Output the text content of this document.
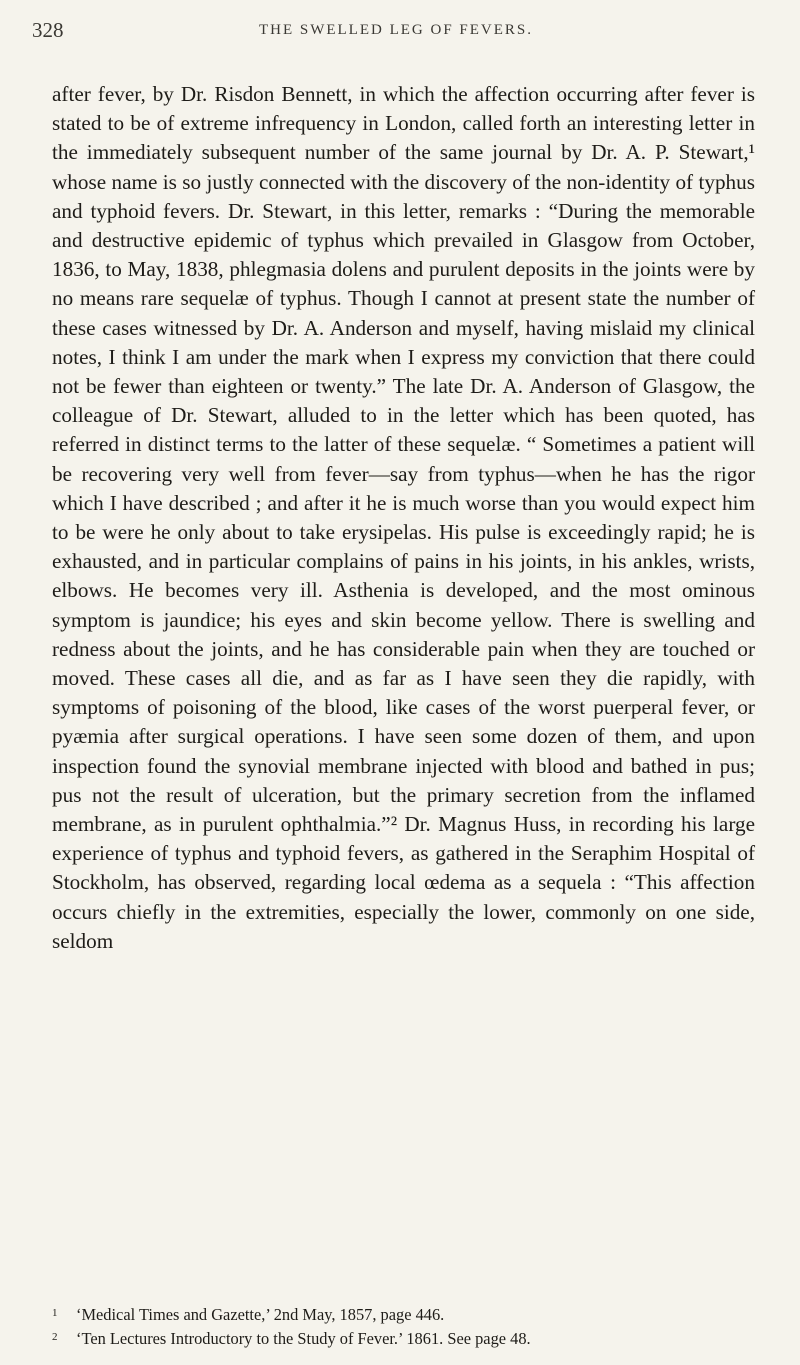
328	THE SWELLED LEG OF FEVERS.

after fever, by Dr. Risdon Bennett, in which the affection occurring after fever is stated to be of extreme infrequency in London, called forth an interesting letter in the immediately subsequent number of the same journal by Dr. A. P. Stewart,¹ whose name is so justly connected with the discovery of the non-identity of typhus and typhoid fevers. Dr. Stewart, in this letter, remarks : “During the memorable and destructive epidemic of typhus which prevailed in Glasgow from October, 1836, to May, 1838, phlegmasia dolens and purulent deposits in the joints were by no means rare sequelæ of typhus. Though I cannot at present state the number of these cases witnessed by Dr. A. Anderson and myself, having mislaid my clinical notes, I think I am under the mark when I express my conviction that there could not be fewer than eighteen or twenty.” The late Dr. A. Anderson of Glasgow, the colleague of Dr. Stewart, alluded to in the letter which has been quoted, has referred in distinct terms to the latter of these sequelæ. “ Sometimes a patient will be recovering very well from fever—say from typhus—when he has the rigor which I have described ; and after it he is much worse than you would expect him to be were he only about to take erysipelas. His pulse is exceedingly rapid; he is exhausted, and in particular complains of pains in his joints, in his ankles, wrists, elbows. He becomes very ill. Asthenia is developed, and the most ominous symptom is jaundice; his eyes and skin become yellow. There is swelling and redness about the joints, and he has considerable pain when they are touched or moved. These cases all die, and as far as I have seen they die rapidly, with symptoms of poisoning of the blood, like cases of the worst puerperal fever, or pyæmia after surgical operations. I have seen some dozen of them, and upon inspection found the synovial membrane injected with blood and bathed in pus; pus not the result of ulceration, but the primary secretion from the inflamed membrane, as in purulent ophthalmia.”² Dr. Magnus Huss, in recording his large experience of typhus and typhoid fevers, as gathered in the Seraphim Hospital of Stockholm, has observed, regarding local œdema as a sequela : “This affection occurs chiefly in the extremities, especially the lower, commonly on one side, seldom

1 ‘Medical Times and Gazette,’ 2nd May, 1857, page 446.

2 ‘Ten Lectures Introductory to the Study of Fever.’ 1861. See page 48.
